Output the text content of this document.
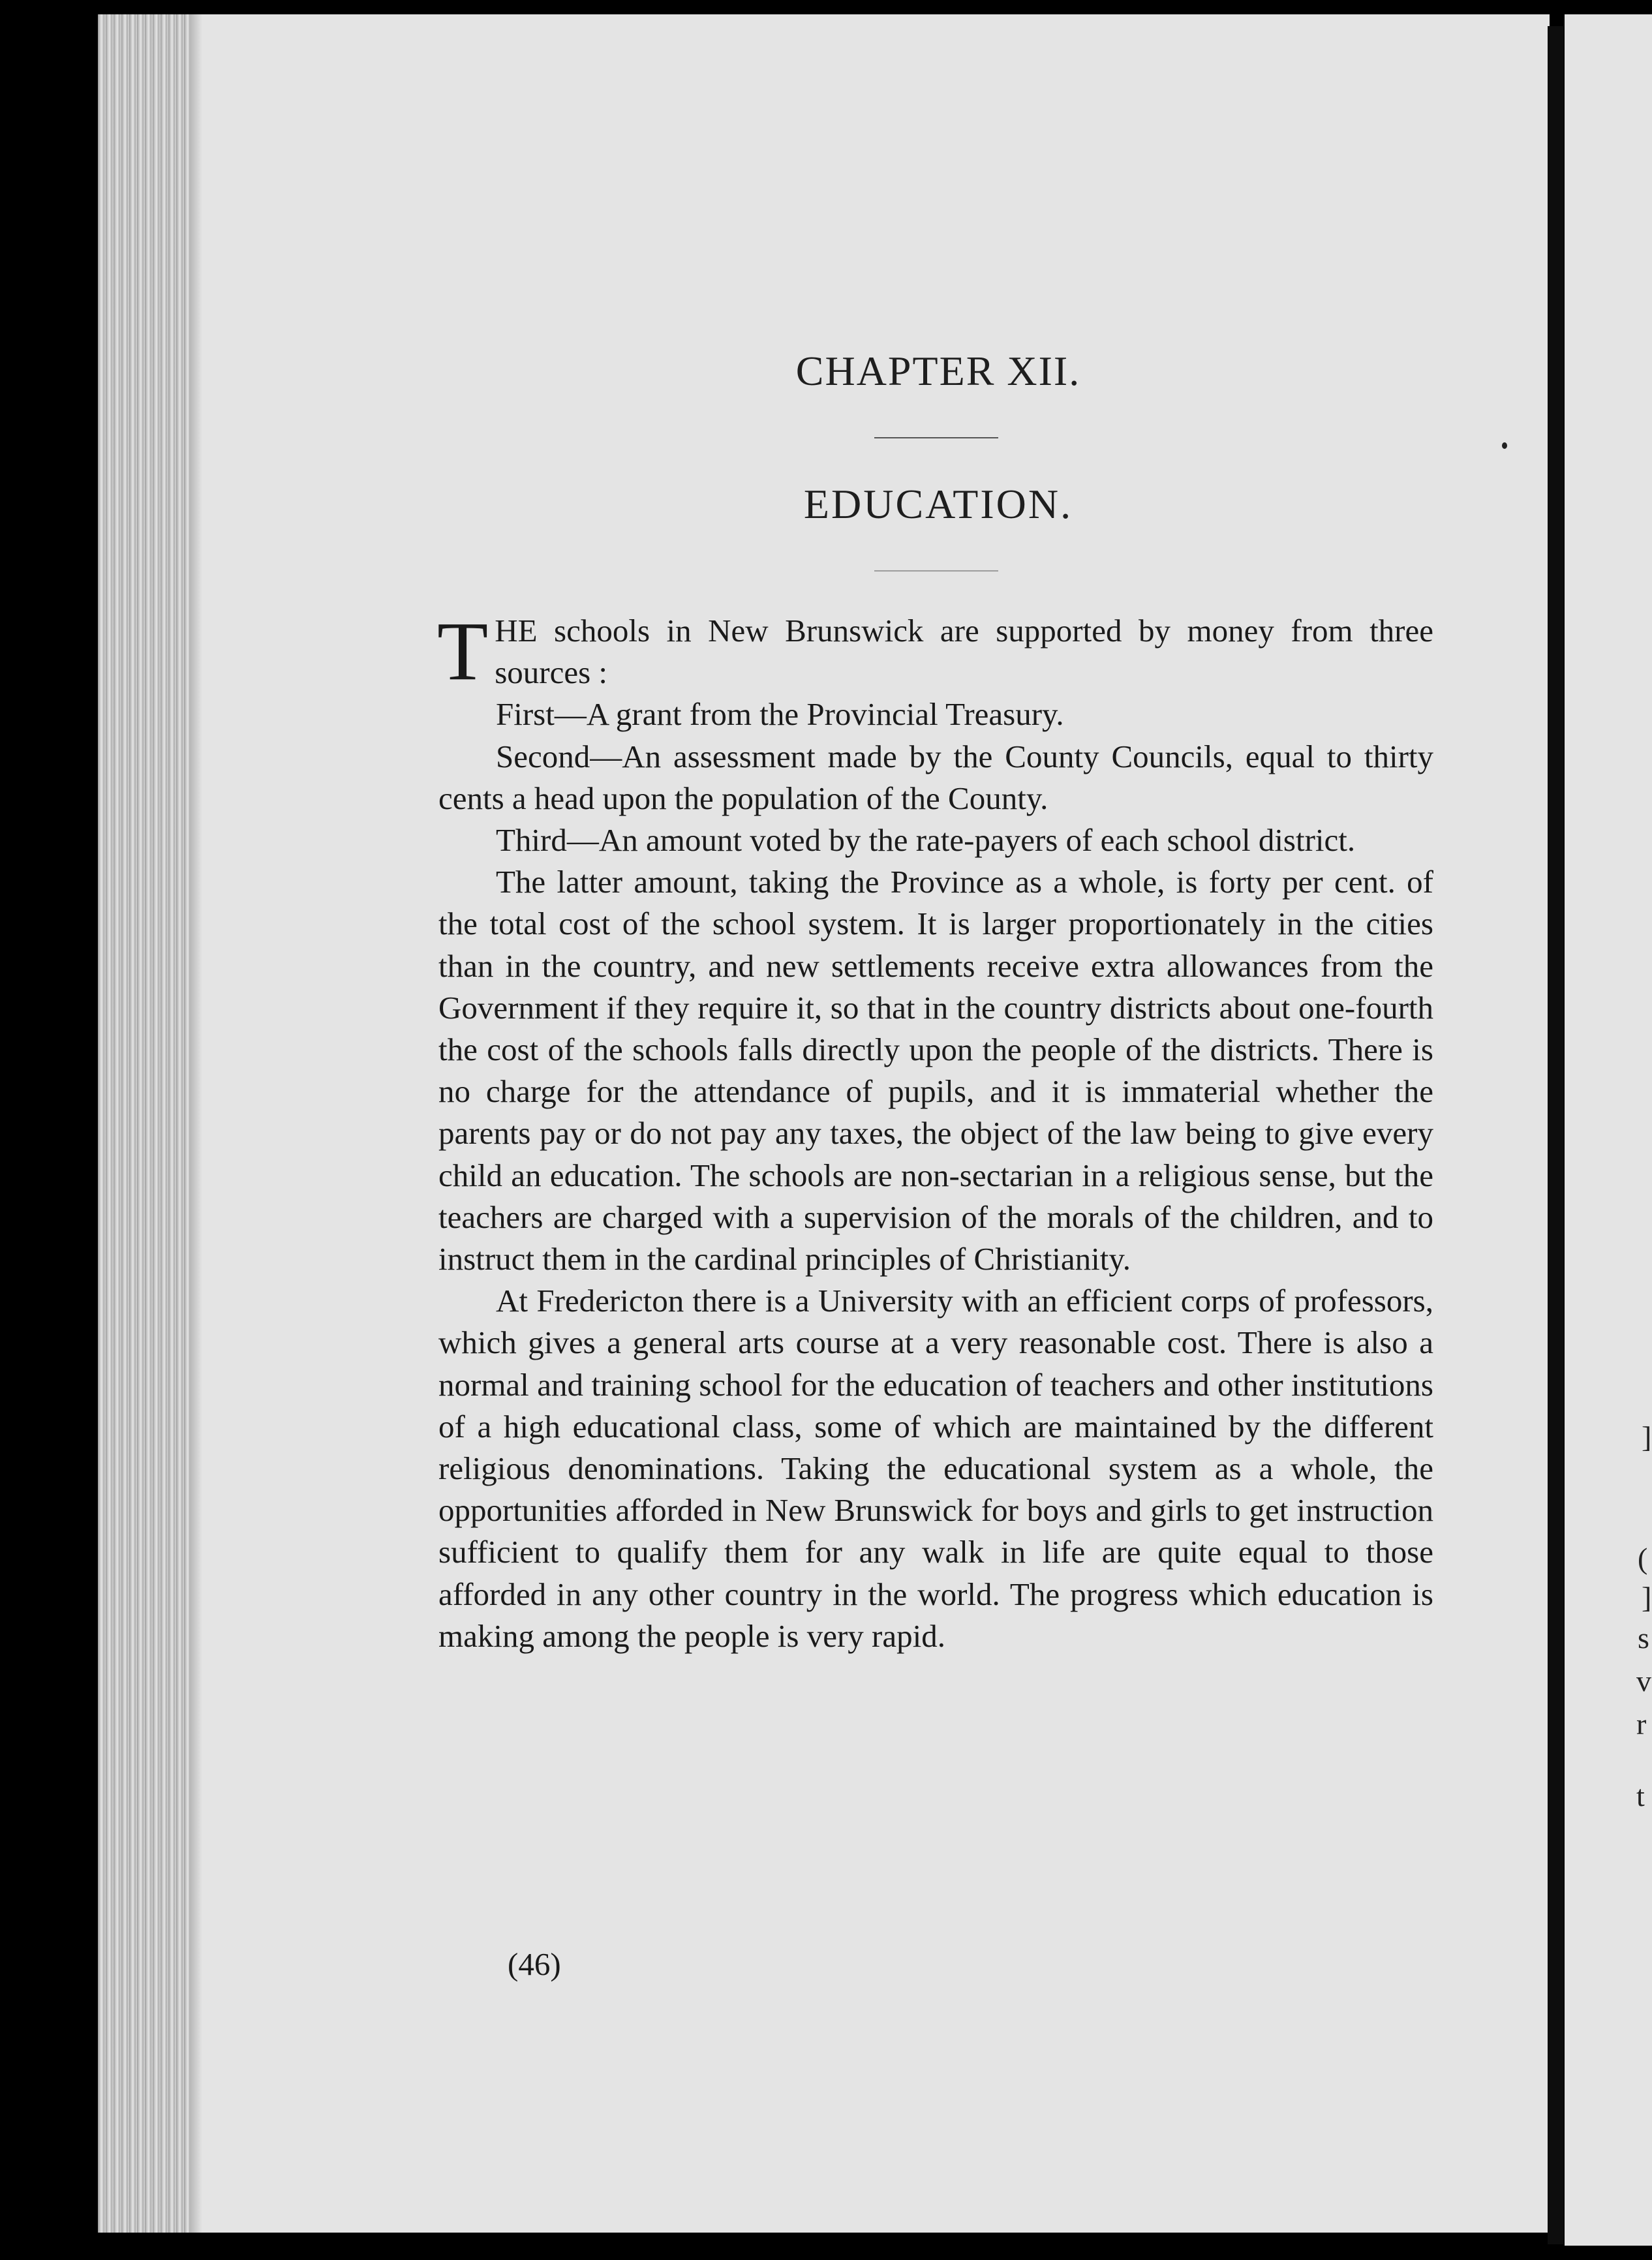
]
(
]
s
v
r
t
CHAPTER XII.
EDUCATION.

THE schools in New Brunswick are supported by money from three sources :

First—A grant from the Provincial Treasury.

Second—An assessment made by the County Councils, equal to thirty cents a head upon the population of the County.

Third—An amount voted by the rate-payers of each school district.

The latter amount, taking the Province as a whole, is forty per cent. of the total cost of the school system. It is larger proportionately in the cities than in the country, and new settlements receive extra allowances from the Government if they require it, so that in the country districts about one-fourth the cost of the schools falls directly upon the people of the districts. There is no charge for the attendance of pupils, and it is immaterial whether the parents pay or do not pay any taxes, the object of the law being to give every child an education. The schools are non-sectarian in a religious sense, but the teachers are charged with a supervision of the morals of the children, and to instruct them in the cardinal principles of Christianity.

At Fredericton there is a University with an efficient corps of professors, which gives a general arts course at a very reasonable cost. There is also a normal and training school for the education of teachers and other institutions of a high educational class, some of which are maintained by the different religious denominations. Taking the educational system as a whole, the opportunities afforded in New Brunswick for boys and girls to get instruction sufficient to qualify them for any walk in life are quite equal to those afforded in any other country in the world. The progress which education is making among the people is very rapid.

(46)
